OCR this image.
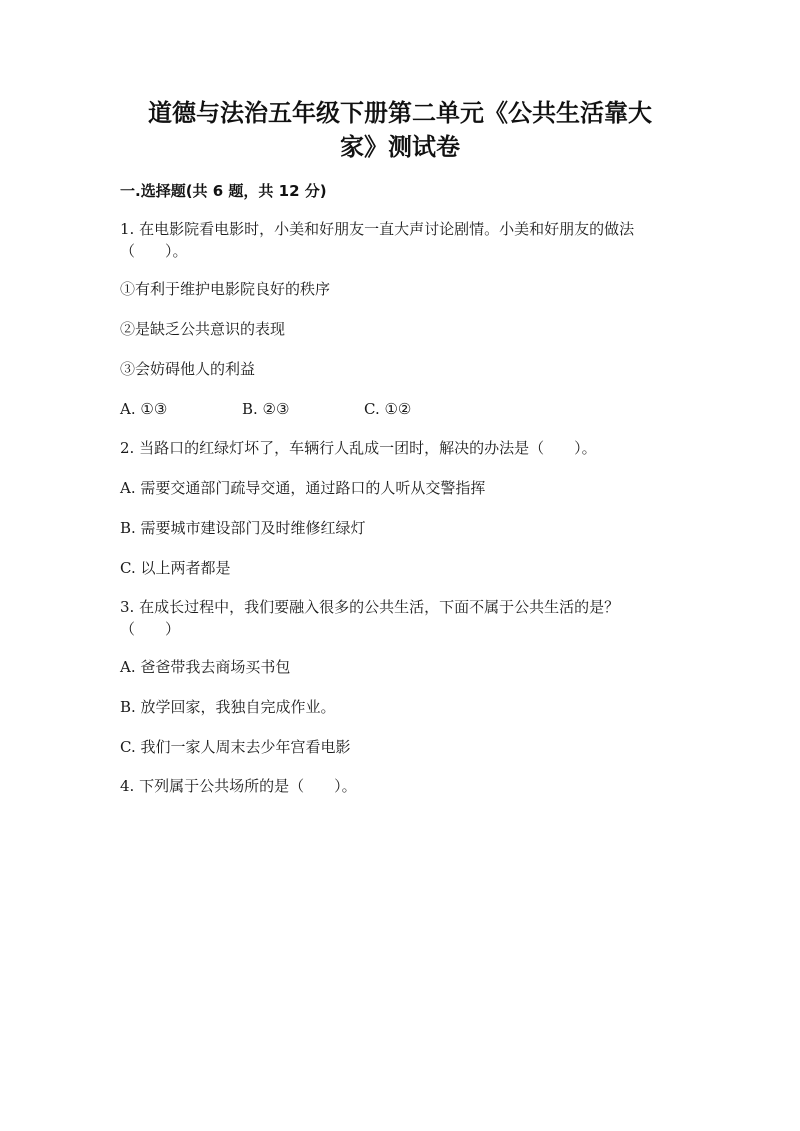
道德与法治五年级下册第二单元《公共生活靠大
家》测试卷
一.选择题(共 6 题，共 12 分)
1. 在电影院看电影时，小美和好朋友一直大声讨论剧情。小美和好朋友的做法
（　　）。
①有利于维护电影院良好的秩序
②是缺乏公共意识的表现
③会妨碍他人的利益
A. ①③	B. ②③	C. ①②
2. 当路口的红绿灯坏了，车辆行人乱成一团时，解决的办法是（　　）。
A. 需要交通部门疏导交通，通过路口的人听从交警指挥
B. 需要城市建设部门及时维修红绿灯
C. 以上两者都是
3. 在成长过程中，我们要融入很多的公共生活，下面不属于公共生活的是？
（　　）
A. 爸爸带我去商场买书包
B. 放学回家，我独自完成作业。
C. 我们一家人周末去少年宫看电影
4. 下列属于公共场所的是（　　）。
